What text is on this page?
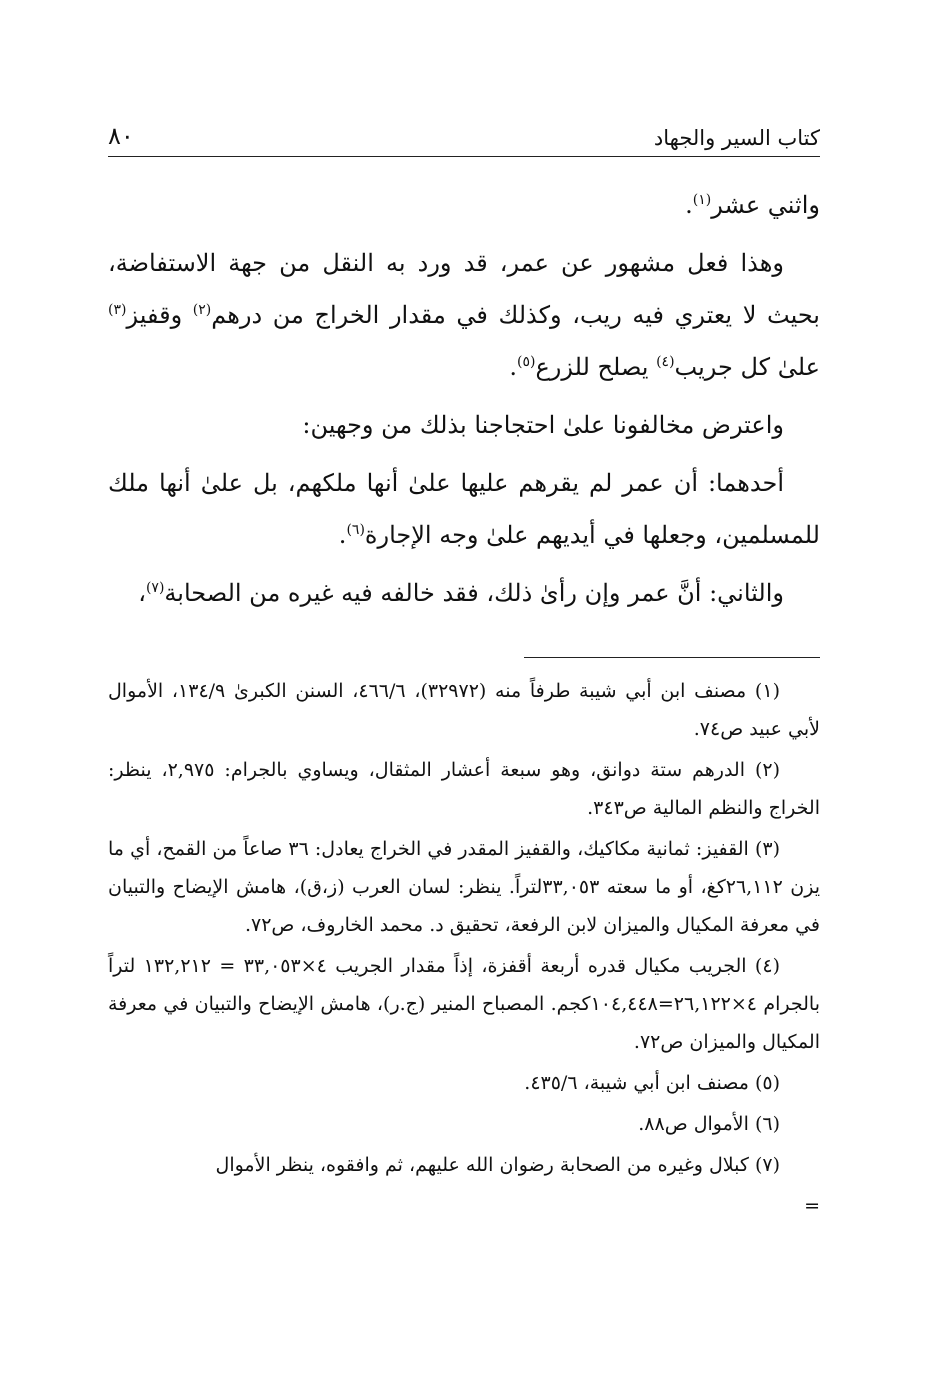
كتاب السير والجهاد
٨٠

واثني عشر$^{(١)}$.

وهذا فعل مشهور عن عمر، قد ورد به النقل من جهة الاستفاضة، بحيث لا يعتري فيه ريب، وكذلك في مقدار الخراج من درهم$^{(٢)}$ وقفيز$^{(٣)}$ علىٰ كل جريب$^{(٤)}$ يصلح للزرع$^{(٥)}$.

واعترض مخالفونا علىٰ احتجاجنا بذلك من وجهين:

أحدهما: أن عمر لم يقرهم عليها علىٰ أنها ملكهم، بل علىٰ أنها ملك للمسلمين، وجعلها في أيديهم علىٰ وجه الإجارة$^{(٦)}$.

والثاني: أنَّ عمر وإن رأىٰ ذلك، فقد خالفه فيه غيره من الصحابة$^{(٧)}$،

(١) مصنف ابن أبي شيبة طرفاً منه (٣٢٩٧٢)، ٤٦٦/٦، السنن الكبرىٰ ١٣٤/٩، الأموال لأبي عبيد ص٧٤.

(٢) الدرهم ستة دوانق، وهو سبعة أعشار المثقال، ويساوي بالجرام: ٢,٩٧٥، ينظر: الخراج والنظم المالية ص٣٤٣.

(٣) القفيز: ثمانية مكاكيك، والقفيز المقدر في الخراج يعادل: ٣٦ صاعاً من القمح، أي ما يزن ٢٦,١١٢كغ، أو ما سعته ٣٣,٠٥٣لتراً. ينظر: لسان العرب (ز،ق)، هامش الإيضاح والتبيان في معرفة المكيال والميزان لابن الرفعة، تحقيق د. محمد الخاروف، ص٧٢.

(٤) الجريب مكيال قدره أربعة أقفزة، إذاً مقدار الجريب ٤×٣٣,٠٥٣ = ١٣٢,٢١٢ لتراً بالجرام ٤×٢٦,١٢٢=١٠٤,٤٤٨كجم. المصباح المنير (ج.ر)، هامش الإيضاح والتبيان في معرفة المكيال والميزان ص٧٢.

(٥) مصنف ابن أبي شيبة، ٤٣٥/٦.

(٦) الأموال ص٨٨.

(٧) كبلال وغيره من الصحابة رضوان الله عليهم، ثم وافقوه، ينظر الأموال

=
